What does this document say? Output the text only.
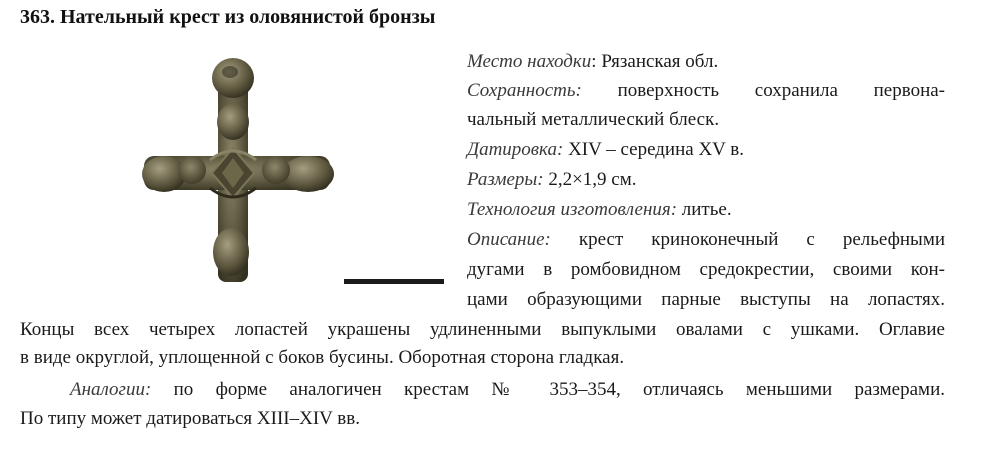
363. Нательный крест из оловянистой бронзы
Место находки: Рязанская обл.
Сохранность: поверхность сохранила первона-
чальный металлический блеск.
Датировка: XIV – середина XV в.
Размеры: 2,2×1,9 см.
Технология изготовления: литье.
Описание: крест криноконечный с рельефными
дугами в ромбовидном средокрестии, своими кон-
цами образующими парные выступы на лопастях.
Концы всех четырех лопастей украшены удлиненными выпуклыми овалами с ушками. Оглавие
в виде округлой, уплощенной с боков бусины. Оборотная сторона гладкая.
Аналогии: по форме аналогичен крестам № 353–354, отличаясь меньшими размерами.
По типу может датироваться XIII–XIV вв.
